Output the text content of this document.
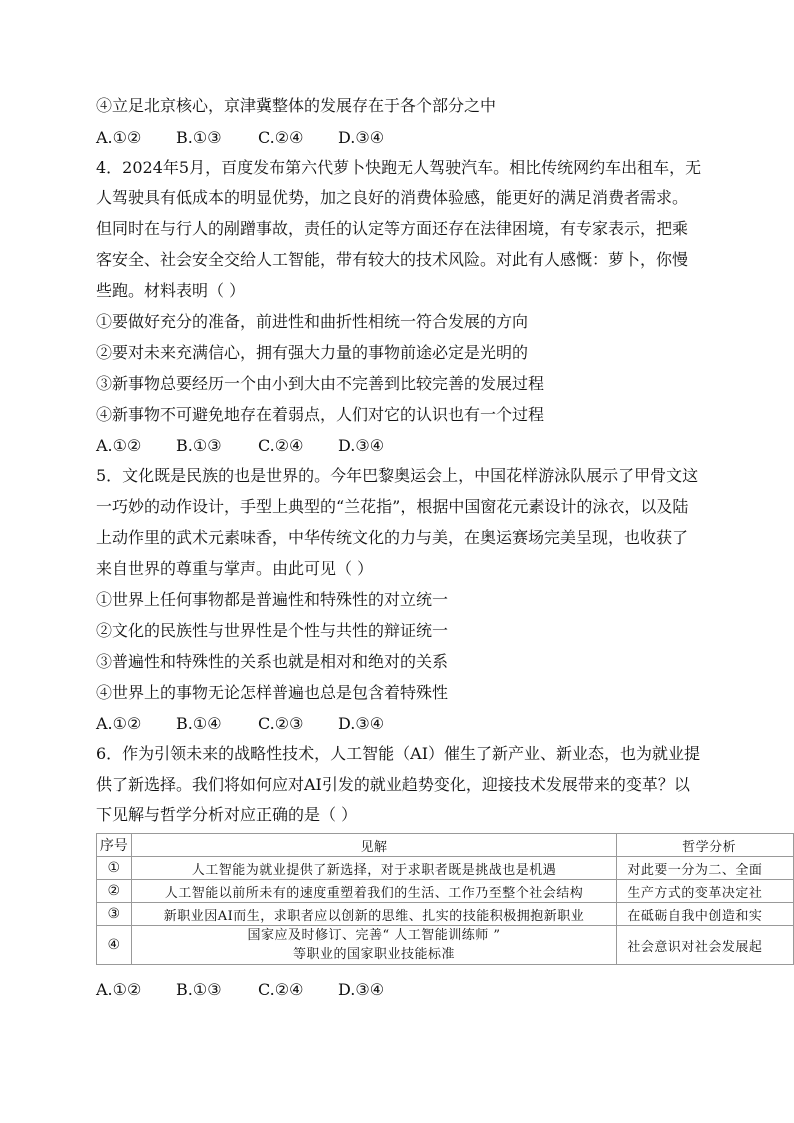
④立足北京核心，京津冀整体的发展存在于各个部分之中
A.①② B.①③ C.②④ D.③④
4．2024年5月，百度发布第六代萝卜快跑无人驾驶汽车。相比传统网约车出租车，无
人驾驶具有低成本的明显优势，加之良好的消费体验感，能更好的满足消费者需求。
但同时在与行人的剐蹭事故，责任的认定等方面还存在法律困境，有专家表示，把乘
客安全、社会安全交给人工智能，带有较大的技术风险。对此有人感慨：萝卜，你慢
些跑。材料表明（ ）
①要做好充分的准备，前进性和曲折性相统一符合发展的方向
②要对未来充满信心，拥有强大力量的事物前途必定是光明的
③新事物总要经历一个由小到大由不完善到比较完善的发展过程
④新事物不可避免地存在着弱点，人们对它的认识也有一个过程
A.①② B.①③ C.②④ D.③④
5．文化既是民族的也是世界的。今年巴黎奥运会上，中国花样游泳队展示了甲骨文这
一巧妙的动作设计，手型上典型的“兰花指”，根据中国窗花元素设计的泳衣，以及陆
上动作里的武术元素味香，中华传统文化的力与美，在奥运赛场完美呈现，也收获了
来自世界的尊重与掌声。由此可见（ ）
①世界上任何事物都是普遍性和特殊性的对立统一
②文化的民族性与世界性是个性与共性的辩证统一
③普遍性和特殊性的关系也就是相对和绝对的关系
④世界上的事物无论怎样普遍也总是包含着特殊性
A.①② B.①④ C.②③ D.③④
6．作为引领未来的战略性技术，人工智能（AI）催生了新产业、新业态，也为就业提
供了新选择。我们将如何应对AI引发的就业趋势变化，迎接技术发展带来的变革？以
下见解与哲学分析对应正确的是（ ）
序号	见解	哲学分析
①	人工智能为就业提供了新选择，对于求职者既是挑战也是机遇	对此要一分为二、全面
②	人工智能以前所未有的速度重塑着我们的生活、工作乃至整个社会结构	生产方式的变革决定社
③	新职业因AI而生，求职者应以创新的思维、扎实的技能积极拥抱新职业	在砥砺自我中创造和实
④	国家应及时修订、完善“ 人工智能训练师 ”
等职业的国家职业技能标准	社会意识对社会发展起
A.①② B.①③ C.②④ D.③④
